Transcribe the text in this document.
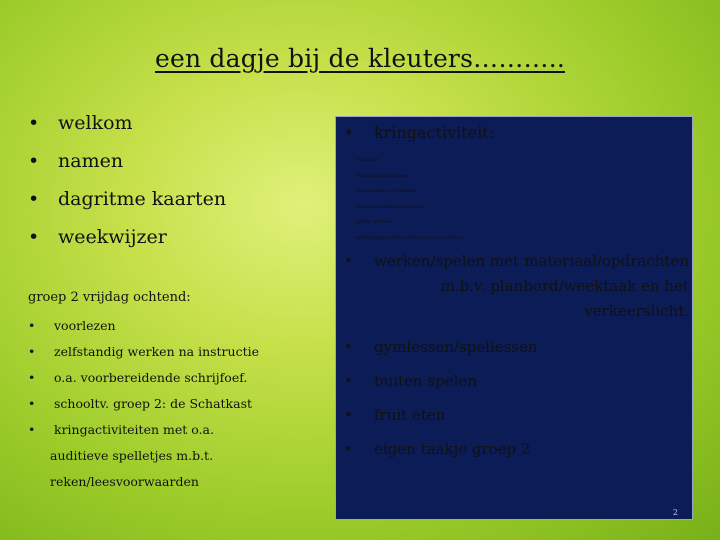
een dagje bij de kleuters………..
• welkom
• namen
• dagritme kaarten
• weekwijzer
groep 2 vrijdag ochtend:
•	voorlezen
•	zelfstandig werken na instructie
•	o.a. voorbereidende schrijfoef.
•	schooltv. groep 2: de Schatkast
•	kringactiviteiten met o.a.
auditieve spelletjes m.b.t.
reken/leesvoorwaarden
•	kringactiviteit:
school tv
versjes/liedjes zingen
drama/dans activiteiten
verhaal vertellen/voorlezen
uitleg werkles
oefeningen rondom thema m.b.v. digibord
•	werken/spelen met materiaal/opdrachten
m.b.v. planbord/weektaak en het verkeerslicht.
•	gymlessen/spellessen
•	buiten spelen
•	fruit eten
•	eigen taakje groep 2
2
